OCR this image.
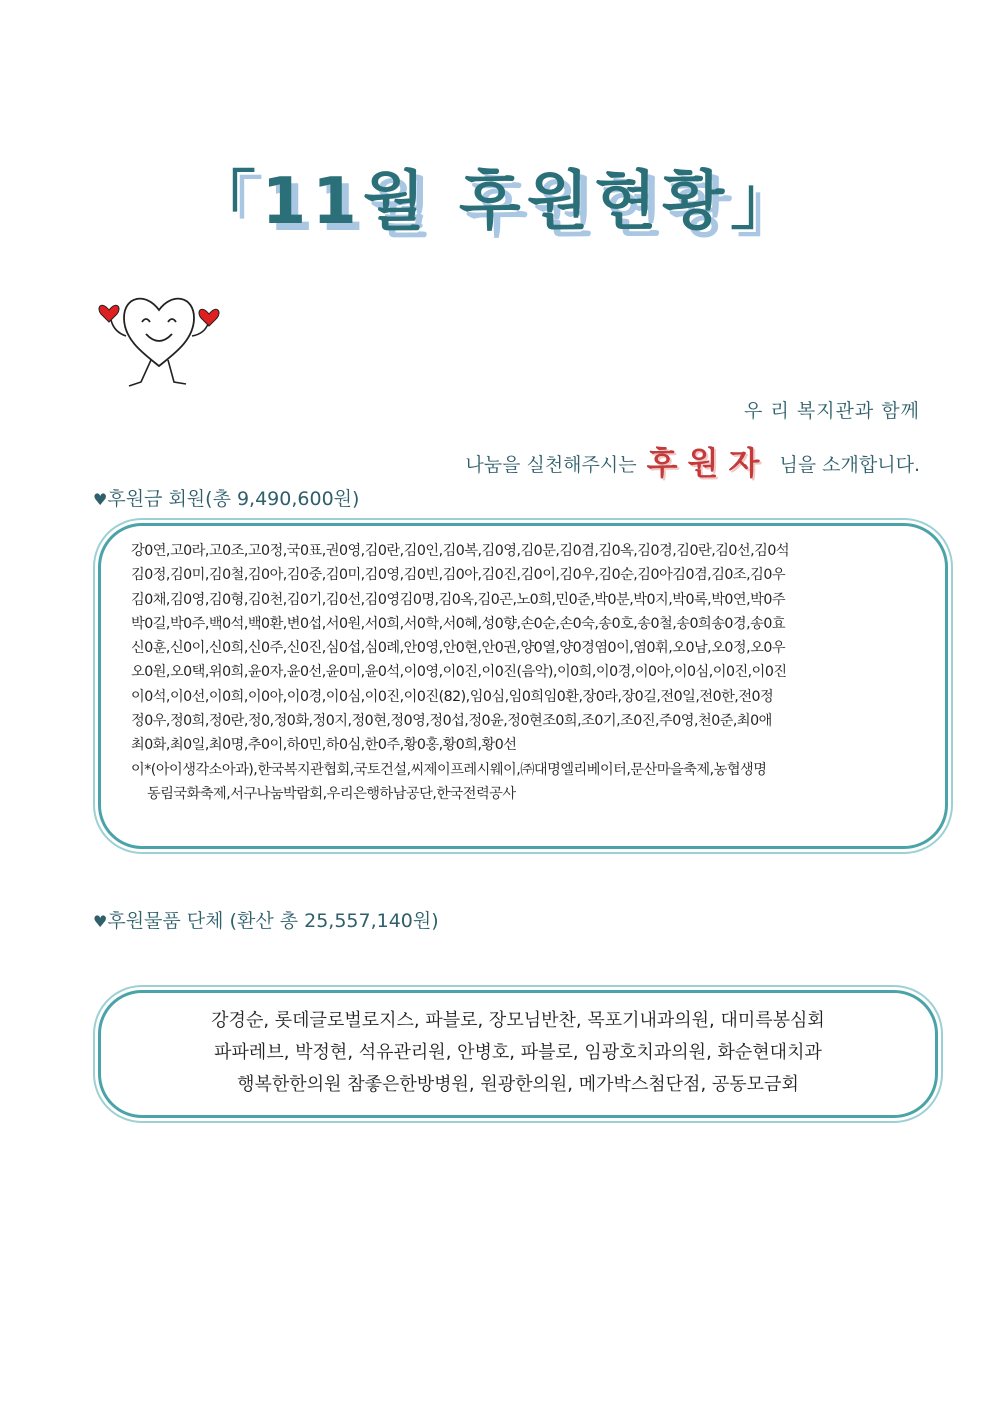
「11월 후원현황」
우 리 복지관과 함께
나눔을 실천해주시는 후원자 님을 소개합니다.
♥후원금 회원(총 9,490,600원)
강0연,고0라,고0조,고0정,국0표,권0영,김0란,김0인,김0복,김0영,김0문,김0겸,김0옥,김0경,김0란,김0선,김0석
김0정,김0미,김0철,김0아,김0중,김0미,김0영,김0빈,김0아,김0진,김0이,김0우,김0순,김0아김0겸,김0조,김0우
김0채,김0영,김0형,김0천,김0기,김0선,김0영김0명,김0옥,김0곤,노0희,민0준,박0분,박0지,박0록,박0연,박0주
박0길,박0주,백0석,백0환,변0섭,서0원,서0희,서0학,서0혜,성0향,손0순,손0숙,송0호,송0철,송0희송0경,송0효
신0훈,신0이,신0희,신0주,신0진,심0섭,심0례,안0영,안0현,안0권,양0열,양0경염0이,염0휘,오0남,오0정,오0우
오0원,오0택,위0희,윤0자,윤0선,윤0미,윤0석,이0영,이0진,이0진(음악),이0희,이0경,이0아,이0심,이0진,이0진
이0석,이0선,이0희,이0아,이0경,이0심,이0진,이0진(82),임0심,임0희임0환,장0라,장0길,전0일,전0한,전0정
정0우,정0희,정0란,정0,정0화,정0지,정0현,정0영,정0섭,정0윤,정0현조0희,조0기,조0진,주0영,천0준,최0애
최0화,최0일,최0명,추0이,하0민,하0심,한0주,황0홍,황0희,황0선
이*(아이생각소아과),한국복지관협회,국토건설,씨제이프레시웨이,㈜대명엘리베이터,문산마을축제,농협생명
동림국화축제,서구나눔박람회,우리은행하남공단,한국전력공사
♥후원물품 단체 (환산 총 25,557,140원)
강경순, 롯데글로벌로지스, 파블로, 장모님반찬, 목포기내과의원, 대미륵봉심회
파파레브, 박정현, 석유관리원, 안병호, 파블로, 임광호치과의원, 화순현대치과
행복한한의원 참좋은한방병원, 원광한의원, 메가박스첨단점, 공동모금회
